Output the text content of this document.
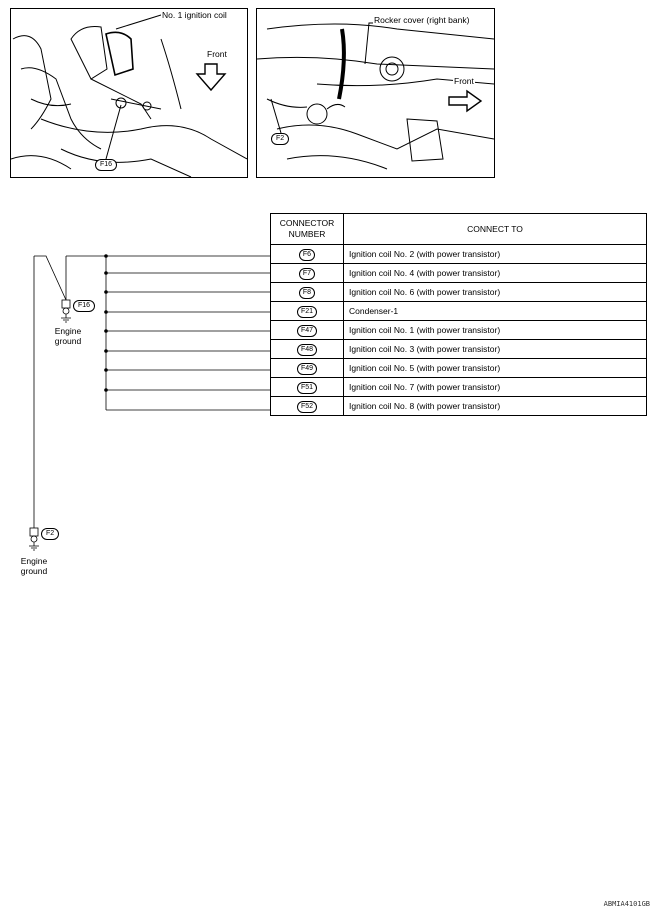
No. 1 ignition coil
Front
F16
Rocker cover (right bank)
Front
F2
F16
Engine ground
F2
Engine ground
CONNECTOR NUMBER	CONNECT TO
F6	Ignition coil No. 2 (with power transistor)
F7	Ignition coil No. 4 (with power transistor)
F8	Ignition coil No. 6 (with power transistor)
F21	Condenser-1
F47	Ignition coil No. 1 (with power transistor)
F48	Ignition coil No. 3 (with power transistor)
F49	Ignition coil No. 5 (with power transistor)
F51	Ignition coil No. 7 (with power transistor)
F52	Ignition coil No. 8 (with power transistor)
ABMIA4101GB
